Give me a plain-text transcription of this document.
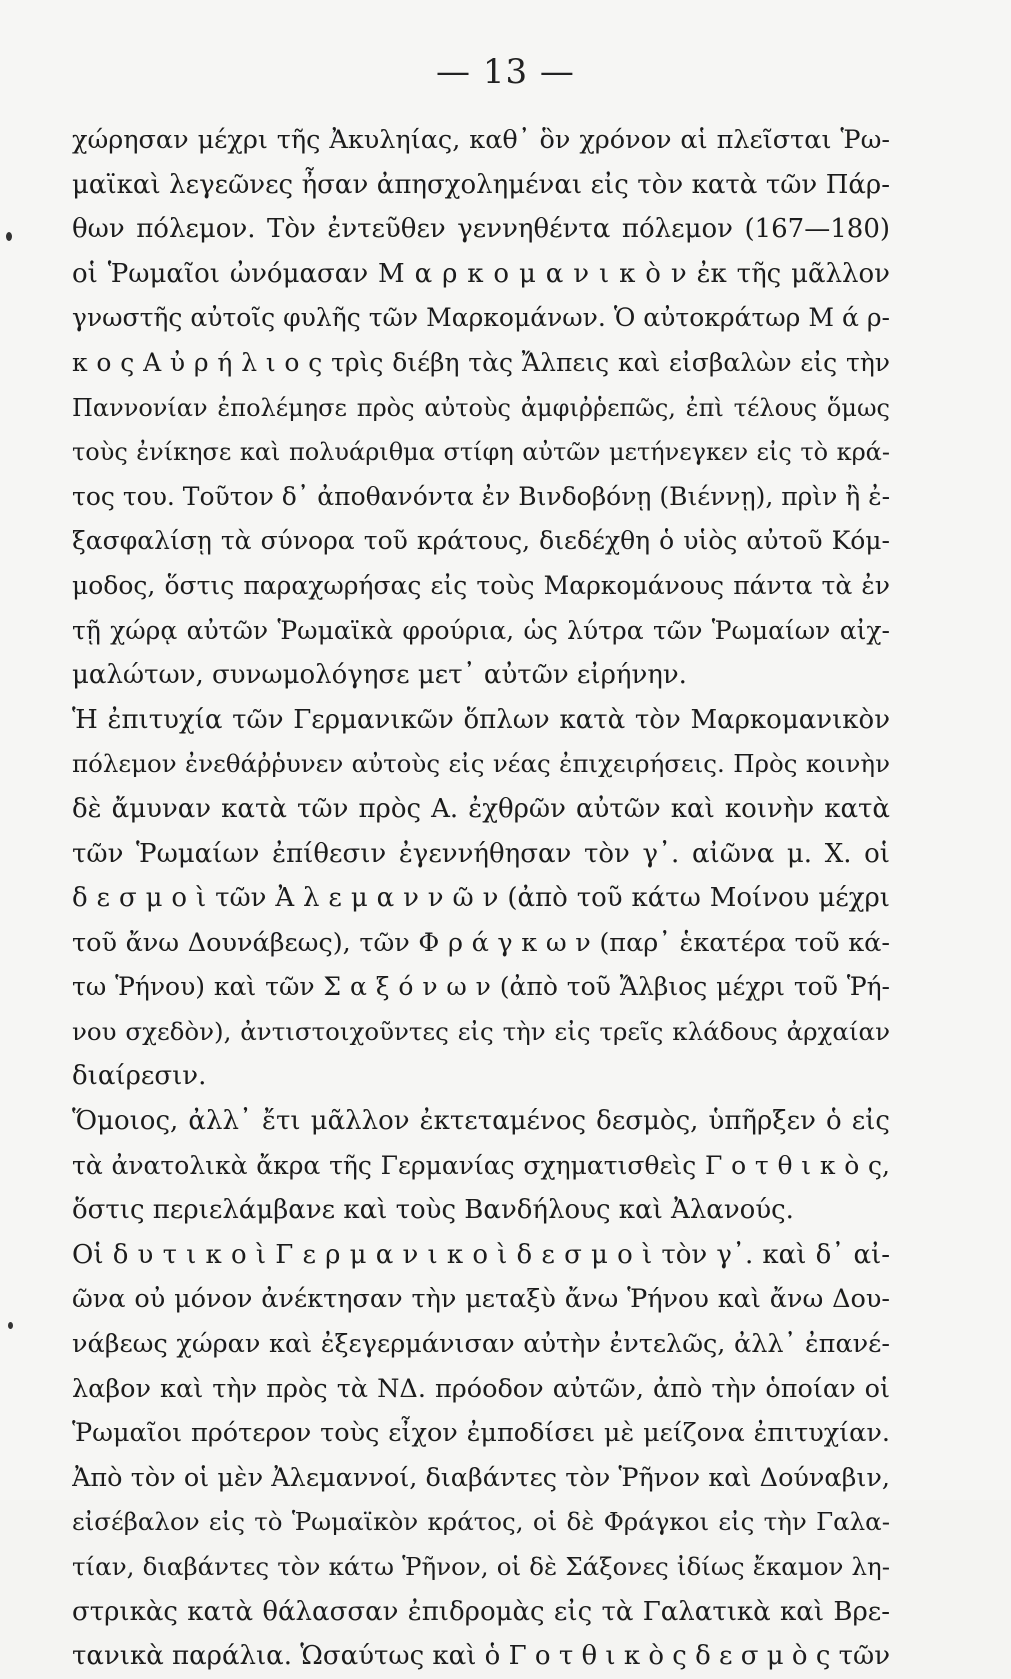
— 13 —
χώρησαν μέχρι τῆς Ἀκυληίας, καθ᾽ ὃν χρόνον αἱ πλεῖσται Ῥω-
μαϊκαὶ λεγεῶνες ἦσαν ἀπησχολημέναι εἰς τὸν κατὰ τῶν Πάρ-
θων πόλεμον. Τὸν ἐντεῦθεν γεννηθέντα πόλεμον (167—180)
οἱ Ῥωμαῖοι ὠνόμασαν Μ α ρ κ ο μ α ν ι κ ὸ ν ἐκ τῆς μᾶλλον
γνωστῆς αὐτοῖς φυλῆς τῶν Μαρκομάνων. Ὁ αὐτοκράτωρ Μ ά ρ-
κ ο ς Α ὐ ρ ή λ ι ο ς τρὶς διέβη τὰς Ἄλπεις καὶ εἰσβαλὼν εἰς τὴν
Παννονίαν ἐπολέμησε πρὸς αὐτοὺς ἀμφιῤῥεπῶς, ἐπὶ τέλους ὅμως
τοὺς ἐνίκησε καὶ πολυάριθμα στίφη αὐτῶν μετήνεγκεν εἰς τὸ κρά-
τος του. Τοῦτον δ᾽ ἀποθανόντα ἐν Βινδοβόνῃ (Βιέννῃ), πρὶν ἢ ἐ-
ξασφαλίσῃ τὰ σύνορα τοῦ κράτους, διεδέχθη ὁ υἱὸς αὐτοῦ Κόμ-
μοδος, ὅστις παραχωρήσας εἰς τοὺς Μαρκομάνους πάντα τὰ ἐν
τῇ χώρᾳ αὐτῶν Ῥωμαϊκὰ φρούρια, ὡς λύτρα τῶν Ῥωμαίων αἰχ-
μαλώτων, συνωμολόγησε μετ᾽ αὐτῶν εἰρήνην.
Ἡ ἐπιτυχία τῶν Γερμανικῶν ὅπλων κατὰ τὸν Μαρκομανικὸν
πόλεμον ἐνεθάῤῥυνεν αὐτοὺς εἰς νέας ἐπιχειρήσεις. Πρὸς κοινὴν
δὲ ἄμυναν κατὰ τῶν πρὸς Α. ἐχθρῶν αὐτῶν καὶ κοινὴν κατὰ
τῶν Ῥωμαίων ἐπίθεσιν ἐγεννήθησαν τὸν γ᾽. αἰῶνα μ. Χ. οἱ
δ ε σ μ ο ὶ τῶν Ἀ λ ε μ α ν ν ῶ ν (ἀπὸ τοῦ κάτω Μοίνου μέχρι
τοῦ ἄνω Δουνάβεως), τῶν Φ ρ ά γ κ ω ν (παρ᾽ ἑκατέρα τοῦ κά-
τω Ῥήνου) καὶ τῶν Σ α ξ ό ν ω ν (ἀπὸ τοῦ Ἄλβιος μέχρι τοῦ Ῥή-
νου σχεδὸν), ἀντιστοιχοῦντες εἰς τὴν εἰς τρεῖς κλάδους ἀρχαίαν
διαίρεσιν.
Ὅμοιος, ἀλλ᾽ ἔτι μᾶλλον ἐκτεταμένος δεσμὸς, ὑπῆρξεν ὁ εἰς
τὰ ἀνατολικὰ ἄκρα τῆς Γερμανίας σχηματισθεὶς Γ ο τ θ ι κ ὸ ς,
ὅστις περιελάμβανε καὶ τοὺς Βανδήλους καὶ Ἀλανούς.
Οἱ δ υ τ ι κ ο ὶ Γ ε ρ μ α ν ι κ ο ὶ δ ε σ μ ο ὶ τὸν γ᾽. καὶ δ᾽ αἰ-
ῶνα οὐ μόνον ἀνέκτησαν τὴν μεταξὺ ἄνω Ῥήνου καὶ ἄνω Δου-
νάβεως χώραν καὶ ἐξεγερμάνισαν αὐτὴν ἐντελῶς, ἀλλ᾽ ἐπανέ-
λαβον καὶ τὴν πρὸς τὰ ΝΔ. πρόοδον αὐτῶν, ἀπὸ τὴν ὁποίαν οἱ
Ῥωμαῖοι πρότερον τοὺς εἶχον ἐμποδίσει μὲ μείζονα ἐπιτυχίαν.
Ἀπὸ τὸν οἱ μὲν Ἀλεμαννοί, διαβάντες τὸν Ῥῆνον καὶ Δούναβιν,
εἰσέβαλον εἰς τὸ Ῥωμαϊκὸν κράτος, οἱ δὲ Φράγκοι εἰς τὴν Γαλα-
τίαν, διαβάντες τὸν κάτω Ῥῆνον, οἱ δὲ Σάξονες ἰδίως ἔκαμον λη-
στρικὰς κατὰ θάλασσαν ἐπιδρομὰς εἰς τὰ Γαλατικὰ καὶ Βρε-
τανικὰ παράλια. Ὡσαύτως καὶ ὁ Γ ο τ θ ι κ ὸ ς δ ε σ μ ὸ ς τῶν
